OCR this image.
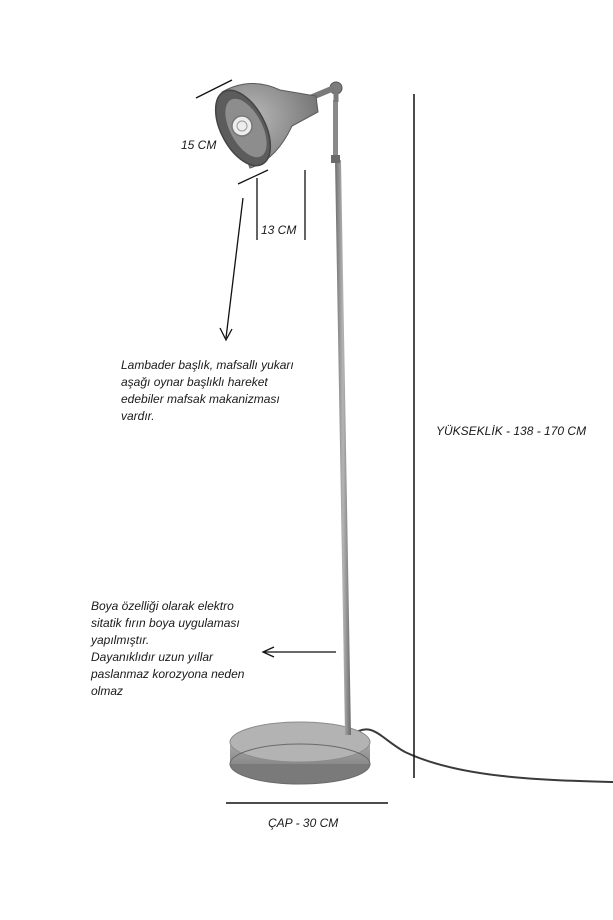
15 CM
13 CM
YÜKSEKLİK - 138 - 170 CM
ÇAP - 30 CM
Lambader başlık, mafsallı yukarı
aşağı oynar başlıklı hareket
edebiler mafsak makanizması
vardır.
Boya özelliği olarak elektro
sitatik fırın boya uygulaması
yapılmıştır.
Dayanıklıdır uzun yıllar
paslanmaz korozyona neden
olmaz
